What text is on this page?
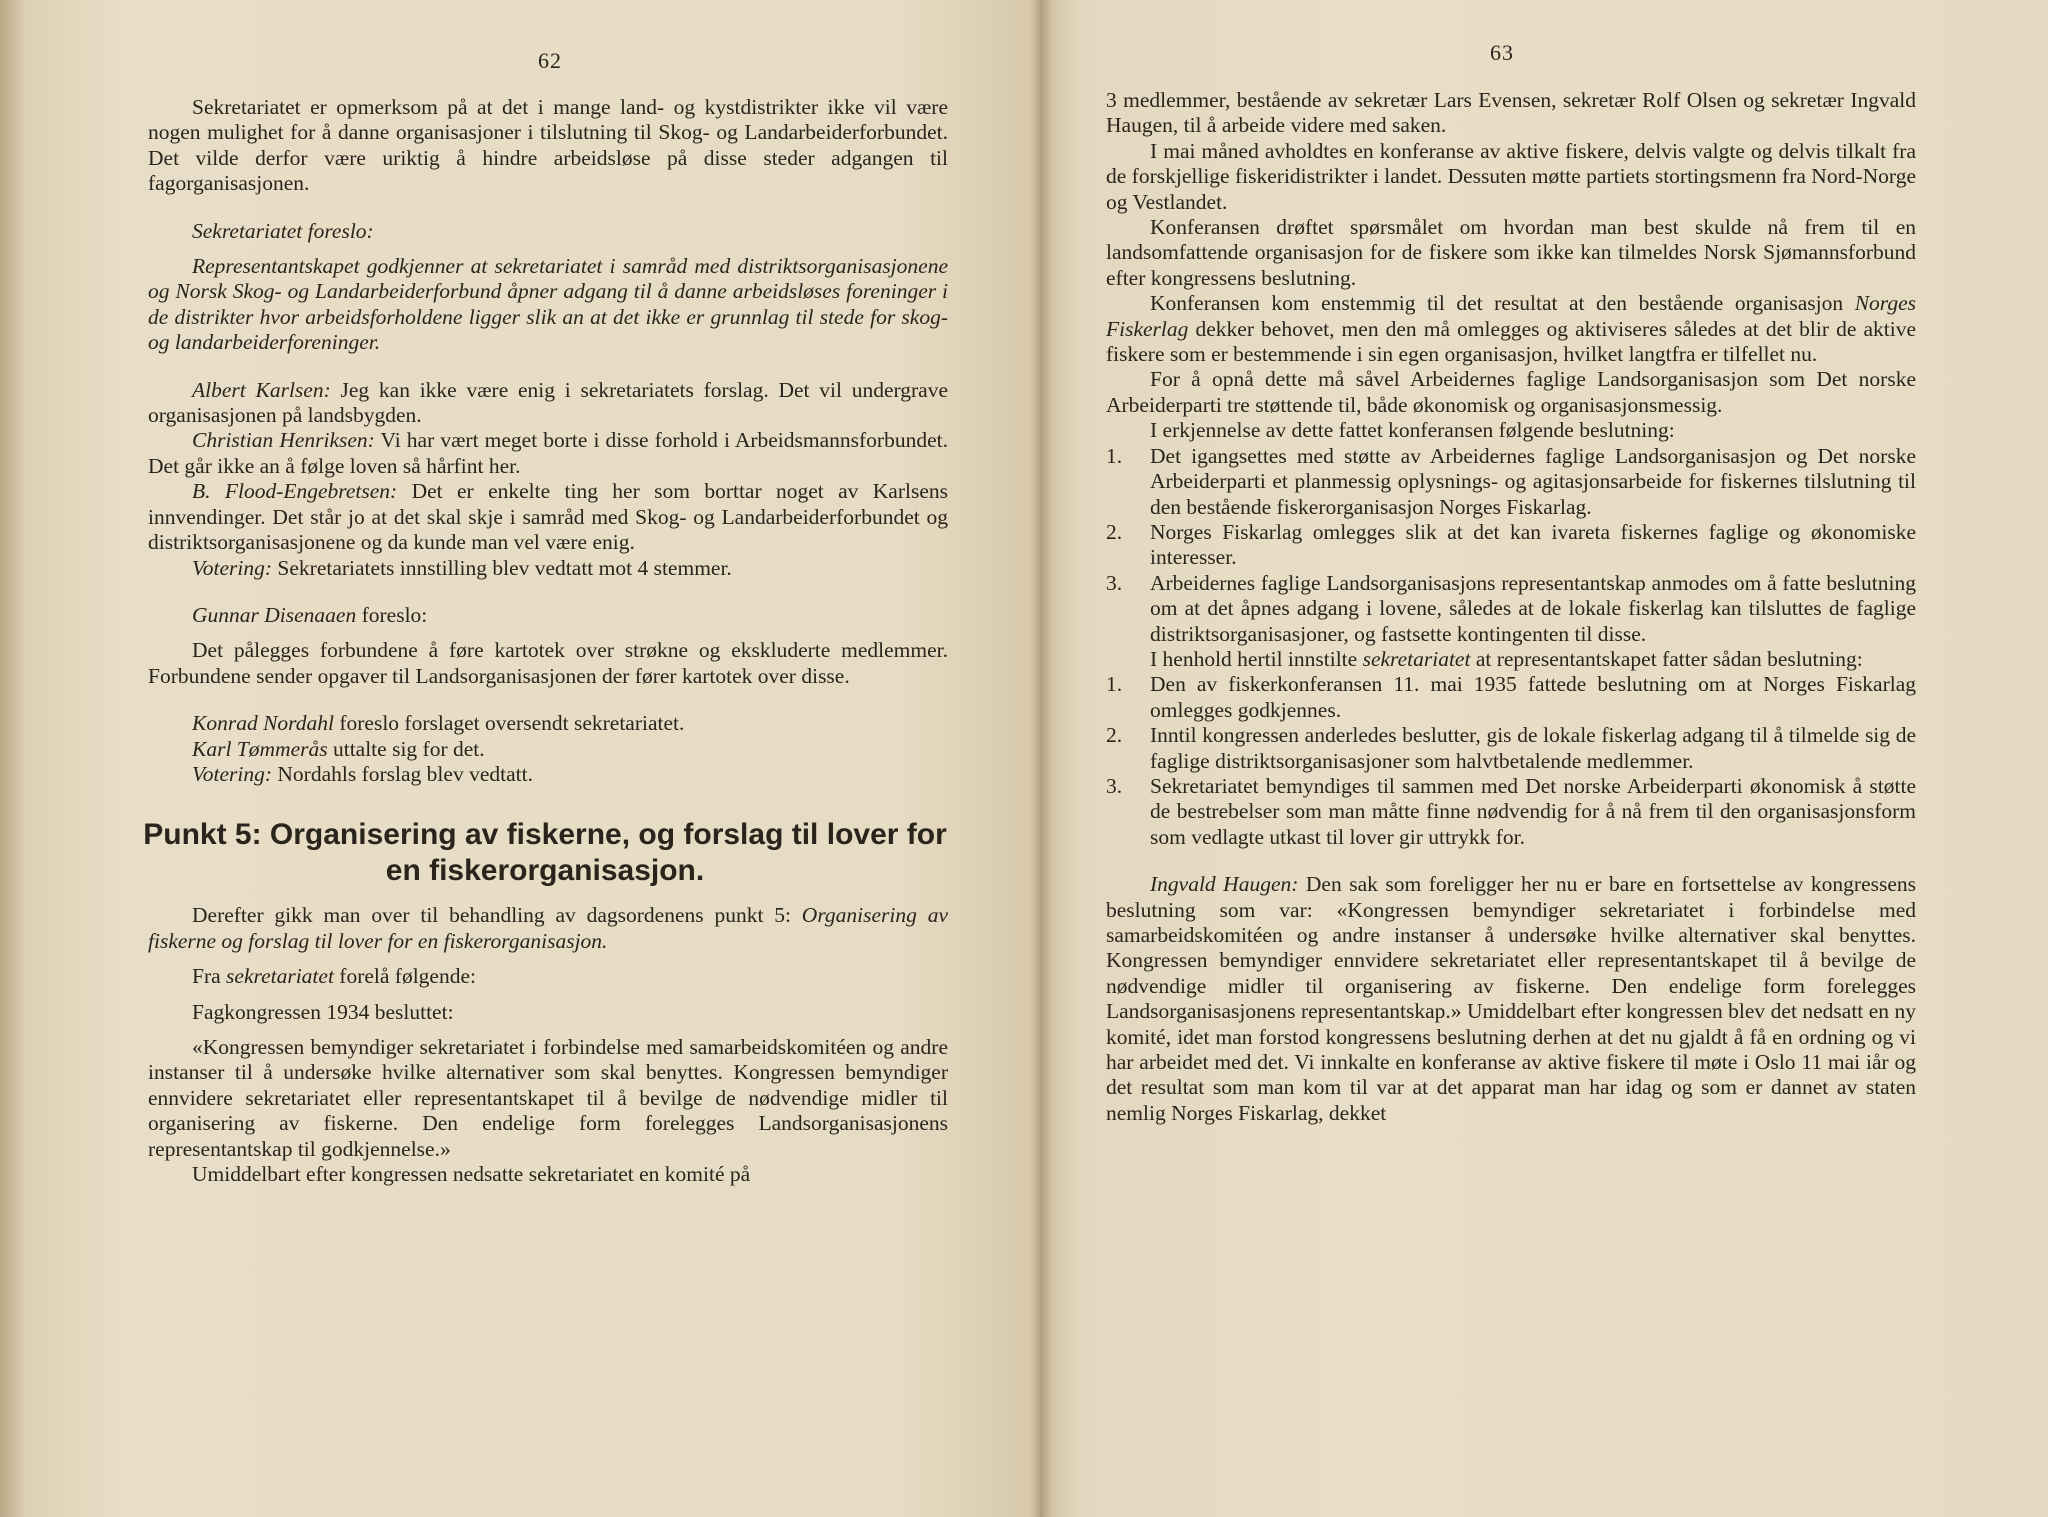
62

Sekretariatet er opmerksom på at det i mange land- og kystdistrikter ikke vil være nogen mulighet for å danne organisasjoner i tilslutning til Skog- og Landarbeiderforbundet. Det vilde derfor være uriktig å hindre arbeidsløse på disse steder adgangen til fagorganisasjonen.

Sekretariatet foreslo:

Representantskapet godkjenner at sekretariatet i samråd med distriktsorganisasjonene og Norsk Skog- og Landarbeiderforbund åpner adgang til å danne arbeidsløses foreninger i de distrikter hvor arbeidsforholdene ligger slik an at det ikke er grunnlag til stede for skog- og landarbeiderforeninger.

Albert Karlsen: Jeg kan ikke være enig i sekretariatets forslag. Det vil undergrave organisasjonen på landsbygden.

Christian Henriksen: Vi har vært meget borte i disse forhold i Arbeidsmannsforbundet. Det går ikke an å følge loven så hårfint her.

B. Flood-Engebretsen: Det er enkelte ting her som borttar noget av Karlsens innvendinger. Det står jo at det skal skje i samråd med Skog- og Landarbeiderforbundet og distriktsorganisasjonene og da kunde man vel være enig.

Votering: Sekretariatets innstilling blev vedtatt mot 4 stemmer.

Gunnar Disenaaen foreslo:

Det pålegges forbundene å føre kartotek over strøkne og ekskluderte medlemmer. Forbundene sender opgaver til Landsorganisasjonen der fører kartotek over disse.

Konrad Nordahl foreslo forslaget oversendt sekretariatet.

Karl Tømmerås uttalte sig for det.

Votering: Nordahls forslag blev vedtatt.

Punkt 5: Organisering av fiskerne, og forslag til lover for en fiskerorganisasjon.

Derefter gikk man over til behandling av dagsordenens punkt 5: Organisering av fiskerne og forslag til lover for en fiskerorganisasjon.

Fra sekretariatet forelå følgende:

Fagkongressen 1934 besluttet:

«Kongressen bemyndiger sekretariatet i forbindelse med samarbeidskomitéen og andre instanser til å undersøke hvilke alternativer som skal benyttes. Kongressen bemyndiger ennvidere sekretariatet eller representantskapet til å bevilge de nødvendige midler til organisering av fiskerne. Den endelige form forelegges Landsorganisasjonens representantskap til godkjennelse.»

Umiddelbart efter kongressen nedsatte sekretariatet en komité på

63

3 medlemmer, bestående av sekretær Lars Evensen, sekretær Rolf Olsen og sekretær Ingvald Haugen, til å arbeide videre med saken.

I mai måned avholdtes en konferanse av aktive fiskere, delvis valgte og delvis tilkalt fra de forskjellige fiskeridistrikter i landet. Dessuten møtte partiets stortingsmenn fra Nord-Norge og Vestlandet.

Konferansen drøftet spørsmålet om hvordan man best skulde nå frem til en landsomfattende organisasjon for de fiskere som ikke kan tilmeldes Norsk Sjømannsforbund efter kongressens beslutning.

Konferansen kom enstemmig til det resultat at den bestående organisasjon Norges Fiskerlag dekker behovet, men den må omlegges og aktiviseres således at det blir de aktive fiskere som er bestemmende i sin egen organisasjon, hvilket langtfra er tilfellet nu.

For å opnå dette må såvel Arbeidernes faglige Landsorganisasjon som Det norske Arbeiderparti tre støttende til, både økonomisk og organisasjonsmessig.

I erkjennelse av dette fattet konferansen følgende beslutning:

1.	Det igangsettes med støtte av Arbeidernes faglige Landsorganisasjon og Det norske Arbeiderparti et planmessig oplysnings- og agitasjonsarbeide for fiskernes tilslutning til den bestående fiskerorganisasjon Norges Fiskarlag.
2.	Norges Fiskarlag omlegges slik at det kan ivareta fiskernes faglige og økonomiske interesser.
3.	Arbeidernes faglige Landsorganisasjons representantskap anmodes om å fatte beslutning om at det åpnes adgang i lovene, således at de lokale fiskerlag kan tilsluttes de faglige distriktsorganisasjoner, og fastsette kontingenten til disse.

I henhold hertil innstilte sekretariatet at representantskapet fatter sådan beslutning:

1.	Den av fiskerkonferansen 11. mai 1935 fattede beslutning om at Norges Fiskarlag omlegges godkjennes.
2.	Inntil kongressen anderledes beslutter, gis de lokale fiskerlag adgang til å tilmelde sig de faglige distriktsorganisasjoner som halvtbetalende medlemmer.
3.	Sekretariatet bemyndiges til sammen med Det norske Arbeiderparti økonomisk å støtte de bestrebelser som man måtte finne nødvendig for å nå frem til den organisasjonsform som vedlagte utkast til lover gir uttrykk for.

Ingvald Haugen: Den sak som foreligger her nu er bare en fortsettelse av kongressens beslutning som var: «Kongressen bemyndiger sekretariatet i forbindelse med samarbeidskomitéen og andre instanser å undersøke hvilke alternativer skal benyttes. Kongressen bemyndiger ennvidere sekretariatet eller representantskapet til å bevilge de nødvendige midler til organisering av fiskerne. Den endelige form forelegges Landsorganisasjonens representantskap.» Umiddelbart efter kongressen blev det nedsatt en ny komité, idet man forstod kongressens beslutning derhen at det nu gjaldt å få en ordning og vi har arbeidet med det. Vi innkalte en konferanse av aktive fiskere til møte i Oslo 11 mai iår og det resultat som man kom til var at det apparat man har idag og som er dannet av staten nemlig Norges Fiskarlag, dekket
